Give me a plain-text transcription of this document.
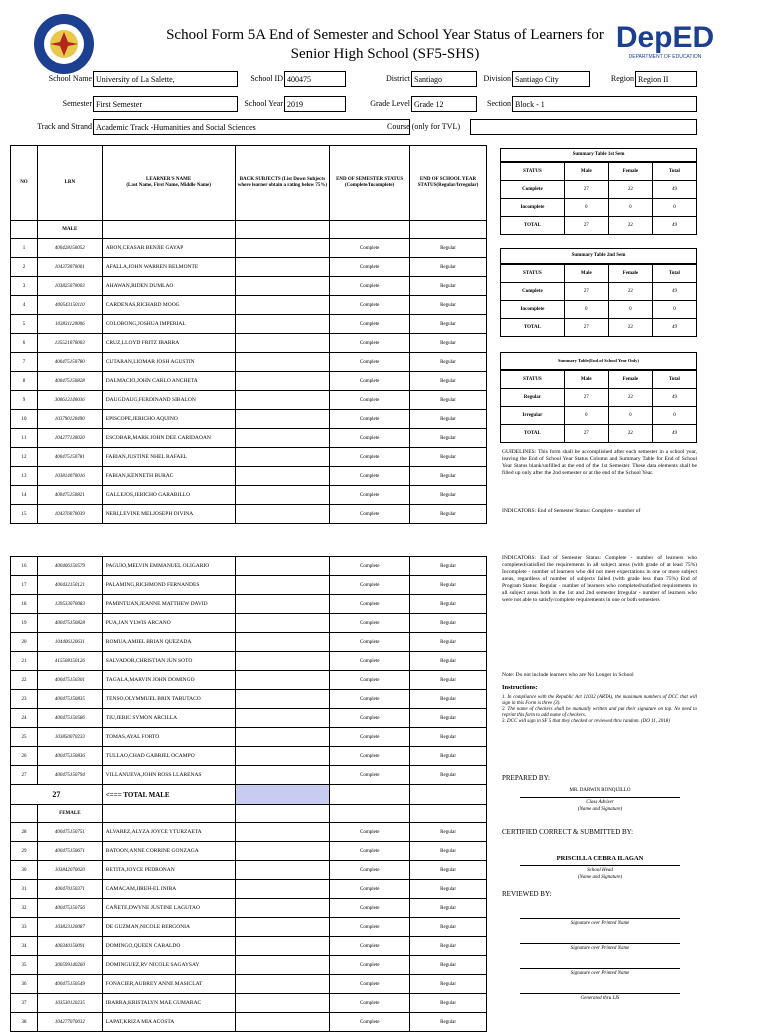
School Form 5A End of Semester and School Year Status of Learners for
Senior High School (SF5-SHS)	DepED
DEPARTMENT OF EDUCATION
School Name University of La Salette,	School ID 400475	District Santiago	Division Santiago City	Region Region II
Semester First Semester	School Year 2019	Grade Level Grade 12	Section Block - 1
Track and Strand Academic Track -Humanities and Social Sciences	Course (only for TVL)
NO	LRN	LEARNER'S NAME
(Last Name, First Name, Middle Name)	BACK SUBJECTS (List Down Subjects where learner obtain a rating below 75%)	END OF SEMESTER STATUS
(Complete/Incomplete)	END OF SCHOOL YEAR STATUS(Regular/Irregular)
	MALE				
1	400428150052	ABON,CEASAR BENJIE GAYAP		Complete	Regular
2	104373070001	AFALLA,JOHN WARREN BELMONTE		Complete	Regular
3	103825070003	AHAWAN,RIDEN DUMLAO		Complete	Regular
4	400543150110	CARDENAS,RICHARD MOOG		Complete	Regular
5	103831120006	COLOBONG,JOSHUA IMPERIAL		Complete	Regular
6	135521070003	CRUZ,LLOYD FRITZ IBARRA		Complete	Regular
7	400475150780	CUTARAN,LIOMAR JOSH AGUSTIN		Complete	Regular
8	400475150828	DALMACIO,JOHN CARLO ANCHETA		Complete	Regular
9	300612140036	DAUGDAUG,FERDINAND SIBALON		Complete	Regular
10	103790120490	EPISCOPE,JERICHO AQUINO		Complete	Regular
11	104277130020	ESCOBAR,MARK JOHN DEE CARIDAOAN		Complete	Regular
12	400475150781	FABIAN,JUSTINE NHEL RAFAEL		Complete	Regular
13	103814070016	FABIAN,KENNETH BURAC		Complete	Regular
14	400475150821	GALLEJOS,JERICHO GARABILLO		Complete	Regular
15	104376070039	NERI,LEVINE MELJOSEPH DIVINA		Complete	Regular
16	400406150579	PAGUIO,MELVIN EMMANUEL OLIGARIO		Complete	Regular
17	400432150121	PALAMING,RICHMOND FERNANDES		Complete	Regular
18	139533070083	PAMINTUAN,JEANNE MATTHEW DAVID		Complete	Regular
19	400475150828	PUA,JAN YLWIS ARCANO		Complete	Regular
20	104406120631	ROMUA,AMIEL BRIAN QUEZADA		Complete	Regular
21	415508150126	SALVADOR,CHRISTIAN JUN SOTO		Complete	Regular
22	400475150301	TAGALA,MARVIN JOHN DOMINGO		Complete	Regular
23	400475150835	TENSO,OLYMMUEL BRIX TABUTACO		Complete	Regular
24	400475150586	TIU,JERIC SYMON ARCILLA		Complete	Regular
25	103850070233	TOMAS,AYAL FORTO		Complete	Regular
26	400475150836	TULLAO,CHAD GABRIEL OCAMPO		Complete	Regular
27	400475150794	VILLANUEVA,JOHN ROSS LLARENAS		Complete	Regular
27		<=== TOTAL MALE			
	FEMALE				
28	400475150751	ALVAREZ,ALYZA JOYCE YTURZAETA		Complete	Regular
29	400475150671	BATOON,ANNE CORRINE GONZAGA		Complete	Regular
30	103842070020	BETITA,JOYCE PEDRONAN		Complete	Regular
31	400470150371	CAMACAM,JIREH-EL INIBA		Complete	Regular
32	400475150756	CAÑETE,DWYNE JUSTINE LAGUTAO		Complete	Regular
33	103823120087	DE GUZMAN,NICOLE BERGONIA		Complete	Regular
34	400340150091	DOMINGO,QUEEN CABALDO		Complete	Regular
35	300599140260	DOMINGUEZ,RV NICOLE SAGAYSAY		Complete	Regular
36	400475150549	FONACIER,AUBREY ANNE MASICLAT		Complete	Regular
37	103530120235	IBARRA,KRISTALYN MAE GUMARAC		Complete	Regular
38	104277070032	LAPAT,KRIZA MIA ACOSTA		Complete	Regular
Summary Table 1st Sem
STATUS	Male	Female	Total
Complete	27	22	49
Incomplete	0	0	0
TOTAL	27	22	49
Summary Table 2nd Sem
STATUS	Male	Female	Total
Complete	27	22	49
Incomplete	0	0	0
TOTAL	27	22	49
Summary Table(End of School Year Only)
STATUS	Male	Female	Total
Regular	27	22	49
Irregular	0	0	0
TOTAL	27	22	49
GUIDELINES: This form shall be accomplished after each semester in a school year, leaving the End of School Year Status Column and Summary Table for End of School Year Status blank/unfilled at the end of the 1st Semester. These data elements shall be filled up only after the 2nd semester or at the end of the School Year.
INDICATORS: End of Semester Status: Complete - number of
INDICATORS: End of Semester Status: Complete - number of learners who completed/satisfied the requirements in all subject areas (with grade of at least 75%) Incomplete - number of learners who did not meet expectations in one or more subject areas, regardless of number of subjects failed (with grade less than 75%) End of Program Status: Regular - number of learners who completed/satisfied requirements in all subject areas both in the 1st and 2nd semester Irregular - number of learners who were not able to satisfy/complete requirements in one or both semesters
Note: Do not include learners who are No Longer in School
Instructions:
1. In compliance with the Republic Act 11032 (ARTA), the maximum numbers of DCC that will sign in this Form is three (3).
2. The name of checkers shall be manually written and put their signature on top. No need to reprint this form to add name of checkers.
3. DCC will sign in SF 5 that they checked or reviewed thru random. (DO 11, 2018)
PREPARED BY:
MR. DARWIN RONQUILLO
Class Adviser
(Name and Signature)
CERTIFIED CORRECT & SUBMITTED BY:
PRISCILLA CEBRA ILAGAN
School Head
(Name and Signature)
REVIEWED BY:
Signature over Printed Name
Signature over Printed Name
Signature over Printed Name
Generated thru LIS
